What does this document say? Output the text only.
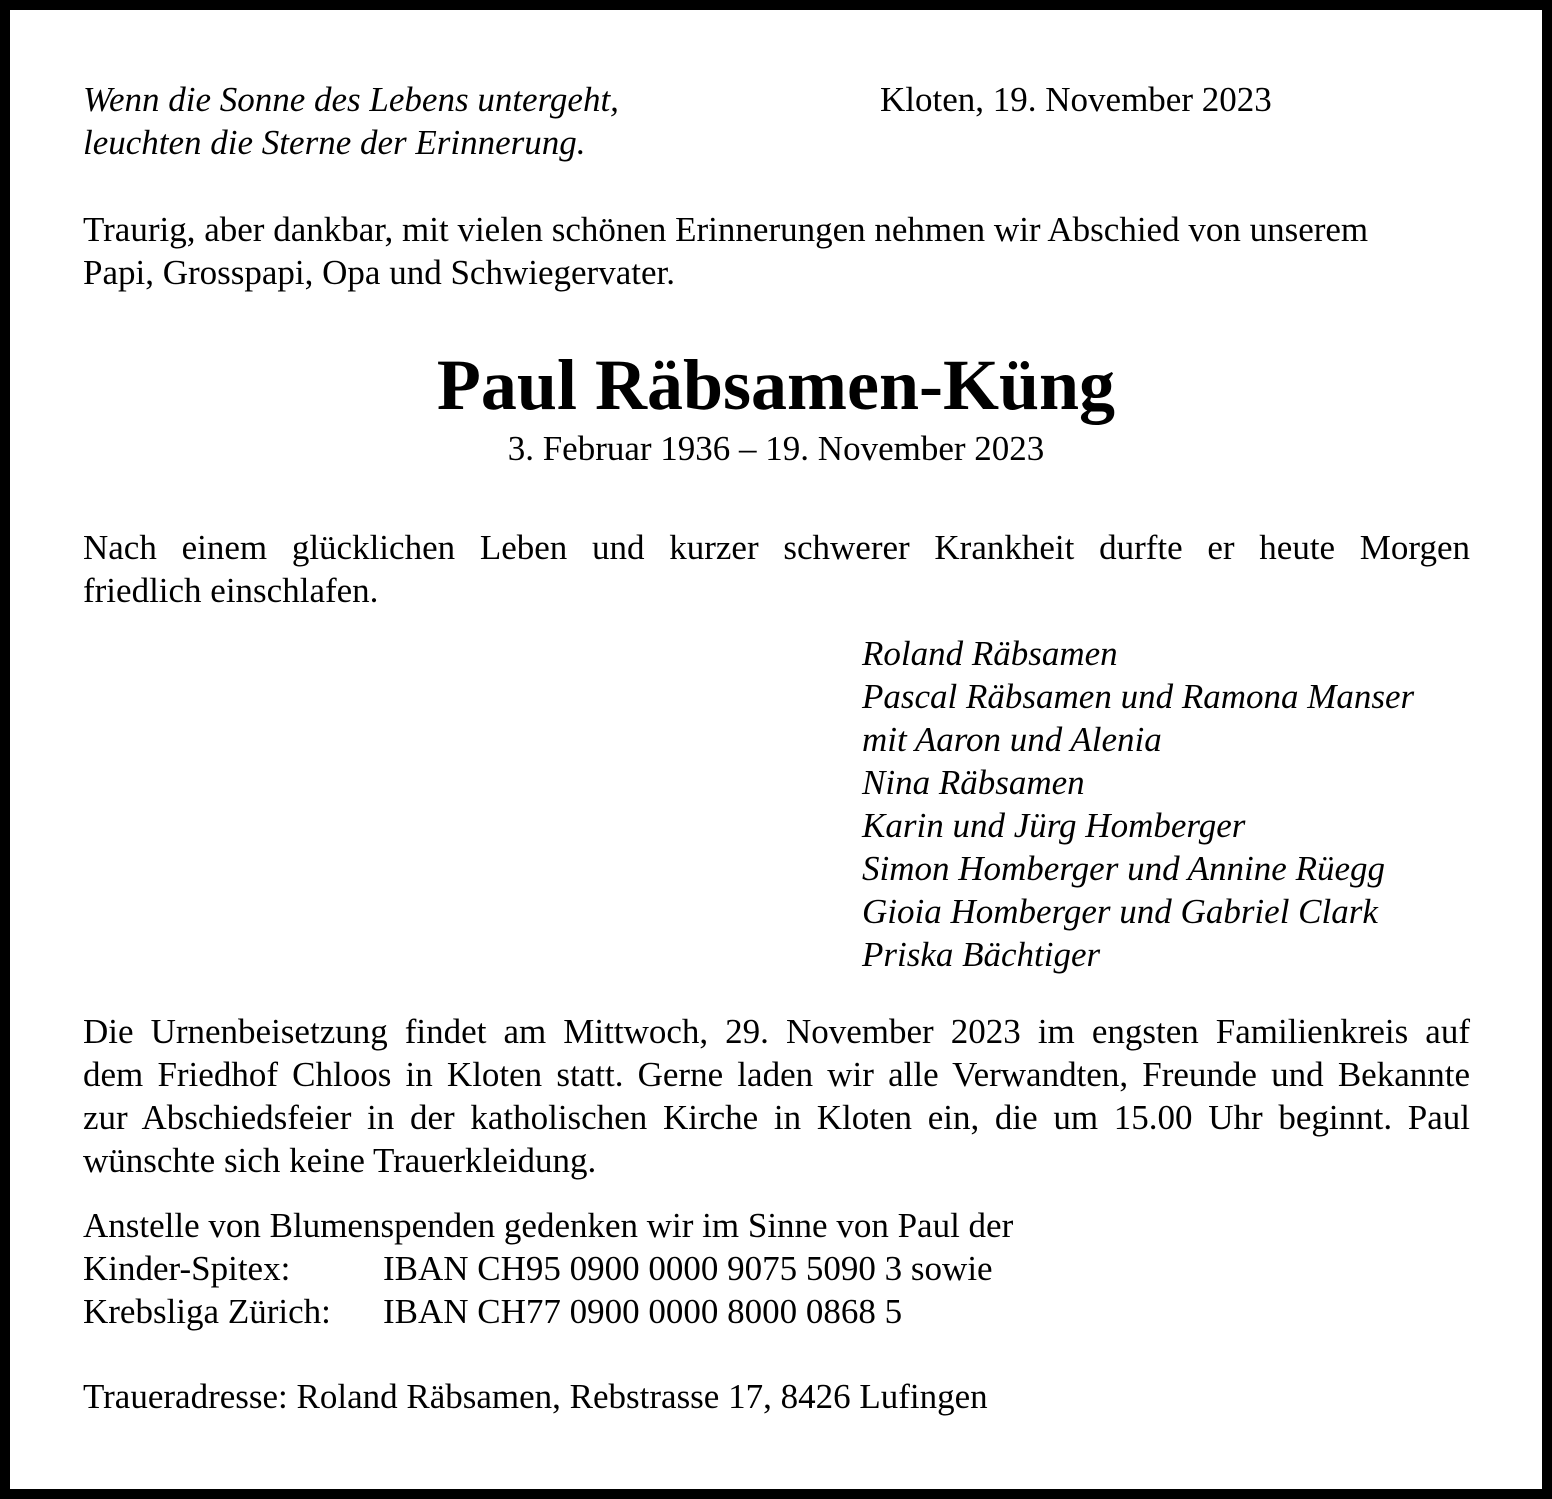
Wenn die Sonne des Lebens untergeht,
leuchten die Sterne der Erinnerung.
Kloten, 19. November 2023
Traurig, aber dankbar, mit vielen schönen Erinnerungen nehmen wir Abschied von unserem
Papi, Grosspapi, Opa und Schwiegervater.
Paul Räbsamen-Küng
3. Februar 1936 – 19. November 2023

Nach einem glücklichen Leben und kurzer schwerer Krankheit durfte er heute Morgen
friedlich einschlafen.

Roland Räbsamen
Pascal Räbsamen und Ramona Manser
mit Aaron und Alenia
Nina Räbsamen
Karin und Jürg Homberger
Simon Homberger und Annine Rüegg
Gioia Homberger und Gabriel Clark
Priska Bächtiger

Die Urnenbeisetzung findet am Mittwoch, 29. November 2023 im engsten Familienkreis auf
dem Friedhof Chloos in Kloten statt. Gerne laden wir alle Verwandten, Freunde und Bekannte
zur Abschiedsfeier in der katholischen Kirche in Kloten ein, die um 15.00 Uhr beginnt. Paul
wünschte sich keine Trauerkleidung.

Anstelle von Blumenspenden gedenken wir im Sinne von Paul der
Kinder-Spitex:	IBAN CH95 0900 0000 9075 5090 3 sowie
Krebsliga Zürich: IBAN CH77 0900 0000 8000 0868 5
Traueradresse: Roland Räbsamen, Rebstrasse 17, 8426 Lufingen
